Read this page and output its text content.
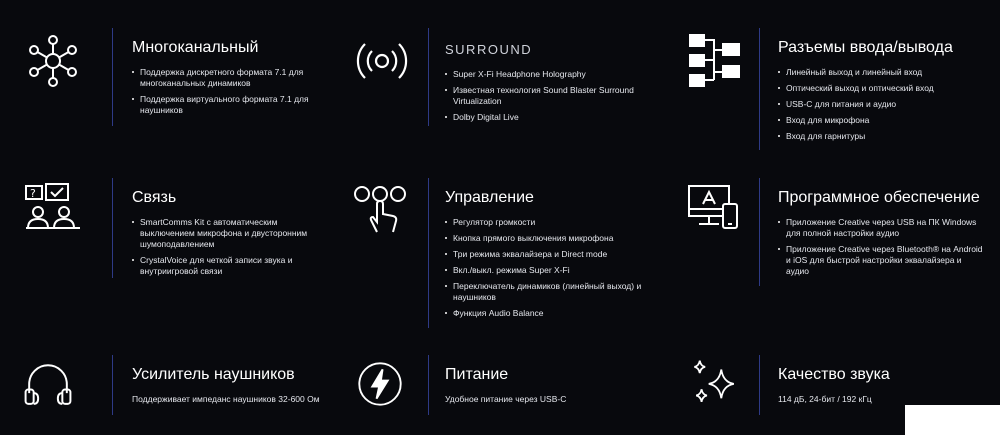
Многоканальный
Поддержка дискретного формата 7.1 для многоканальных динамиков
Поддержка виртуального формата 7.1 для наушников
SURROUND
Super X-Fi Headphone Holography
Известная технология Sound Blaster Surround Virtualization
Dolby Digital Live
Разъемы ввода/вывода
Линейный выход и линейный вход
Оптический выход и оптический вход
USB-C для питания и аудио
Вход для микрофона
Вход для гарнитуры
?	Связь
SmartComms Kit с автоматическим выключением микрофона и двусторонним шумоподавлением
CrystalVoice для четкой записи звука и внутриигровой связи
Управление
Регулятор громкости
Кнопка прямого выключения микрофона
Три режима эквалайзера и Direct mode
Вкл./выкл. режима Super X-Fi
Переключатель динамиков (линейный выход) и наушников
Функция Audio Balance
Программное обеспечение
Приложение Creative через USB на ПК Windows для полной настройки аудио
Приложение Creative через Bluetooth® на Android и iOS для быстрой настройки эквалайзера и аудио
Усилитель наушников
Поддерживает импеданс наушников 32-600 Ом
Питание
Удобное питание через USB-C
Качество звука
114 дБ, 24-бит / 192 кГц
